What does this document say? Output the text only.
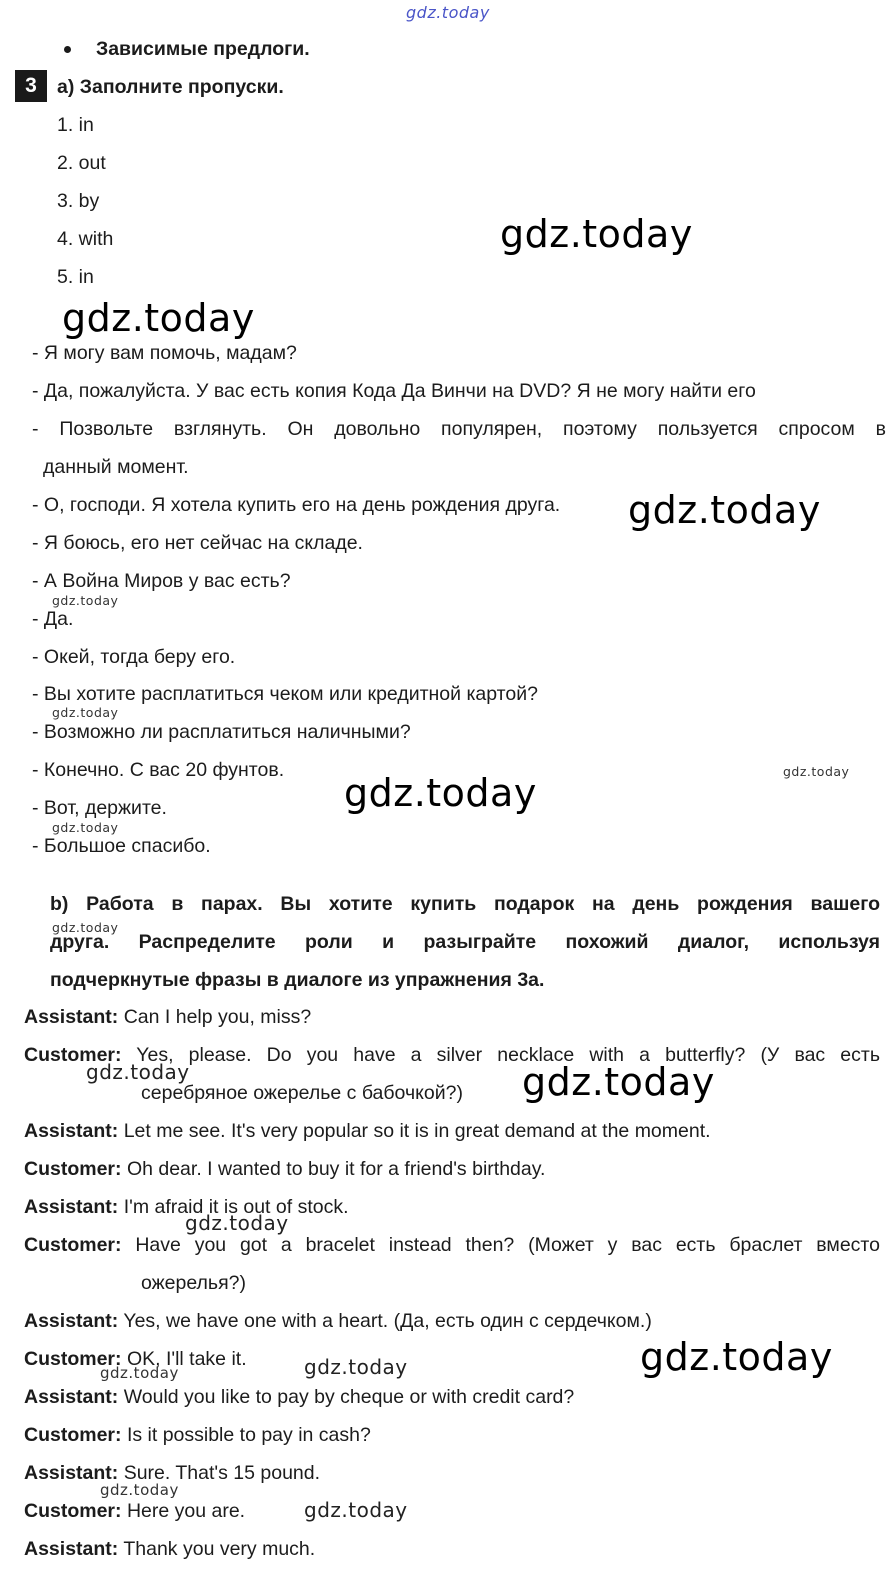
gdz.today
Зависимые предлоги.
3	a) Заполните пропуски.
1. in
2. out
3. by
4. with
5. in
gdz.today
gdz.today
- Я могу вам помочь, мадам?
- Да, пожалуйста. У вас есть копия Кода Да Винчи на DVD? Я не могу найти его
- Позвольте взглянуть. Он довольно популярен, поэтому пользуется спросом в
данный момент.
- О, господи. Я хотела купить его на день рождения друга.
- Я боюсь, его нет сейчас на складе.
- А Война Миров у вас есть?
- Да.
- Окей, тогда беру его.
- Вы хотите расплатиться чеком или кредитной картой?
- Возможно ли расплатиться наличными?
- Конечно. С вас 20 фунтов.
- Вот, держите.
- Большое спасибо.
gdz.today
gdz.today
gdz.today
gdz.today
gdz.today
gdz.today
b) Работа в парах. Вы хотите купить подарок на день рождения вашего
друга. Распределите роли и разыграйте похожий диалог, используя
подчеркнутые фразы в диалоге из упражнения 3а.
gdz.today
Assistant: Can I help you, miss?
Customer: Yes, please. Do you have a silver necklace with a butterfly? (У вас есть
серебряное ожерелье с бабочкой?)
Assistant: Let me see. It's very popular so it is in great demand at the moment.
Customer: Oh dear. I wanted to buy it for a friend's birthday.
Assistant: I'm afraid it is out of stock.
Customer: Have you got a bracelet instead then? (Может у вас есть браслет вместо
ожерелья?)
Assistant: Yes, we have one with a heart. (Да, есть один с сердечком.)
Customer: OK, I'll take it.
Assistant: Would you like to pay by cheque or with credit card?
Customer: Is it possible to pay in cash?
Assistant: Sure. That's 15 pound.
Customer: Here you are.
Assistant: Thank you very much.
gdz.today	gdz.today
gdz.today
gdz.today
gdz.today
gdz.today
gdz.today
gdz.today
